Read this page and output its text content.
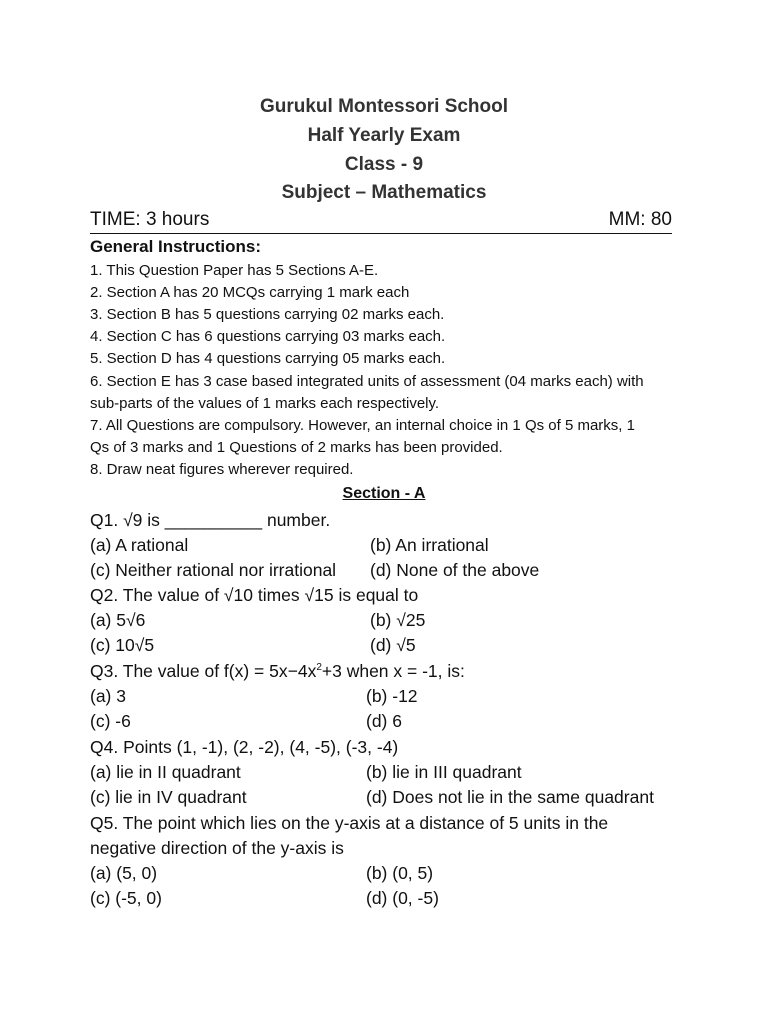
Gurukul Montessori School
Half Yearly Exam
Class - 9
Subject – Mathematics
TIME: 3 hours	MM: 80
General Instructions:
1. This Question Paper has 5 Sections A-E.
2. Section A has 20 MCQs carrying 1 mark each
3. Section B has 5 questions carrying 02 marks each.
4. Section C has 6 questions carrying 03 marks each.
5. Section D has 4 questions carrying 05 marks each.
6. Section E has 3 case based integrated units of assessment (04 marks each) with
sub-parts of the values of 1 marks each respectively.
7. All Questions are compulsory. However, an internal choice in 1 Qs of 5 marks, 1
Qs of 3 marks and 1 Questions of 2 marks has been provided.
8. Draw neat figures wherever required.
Section - A
Q1. √9 is __________ number.
(a) A rational	(b) An irrational
(c) Neither rational nor irrational (d) None of the above
Q2. The value of √10 times √15 is equal to
(a) 5√6	(b) √25
(c) 10√5	(d) √5
Q3. The value of $f(x) = 5x-4x^2+3$ when x = -1, is:
(a) 3	(b) -12
(c) -6	(d) 6
Q4. Points (1, -1), (2, -2), (4, -5), (-3, -4)
(a) lie in II quadrant	(b) lie in III quadrant
(c) lie in IV quadrant	(d) Does not lie in the same quadrant
Q5. The point which lies on the y-axis at a distance of 5 units in the
negative direction of the y-axis is
(a) (5, 0)	(b) (0, 5)
(c) (-5, 0)	(d) (0, -5)
